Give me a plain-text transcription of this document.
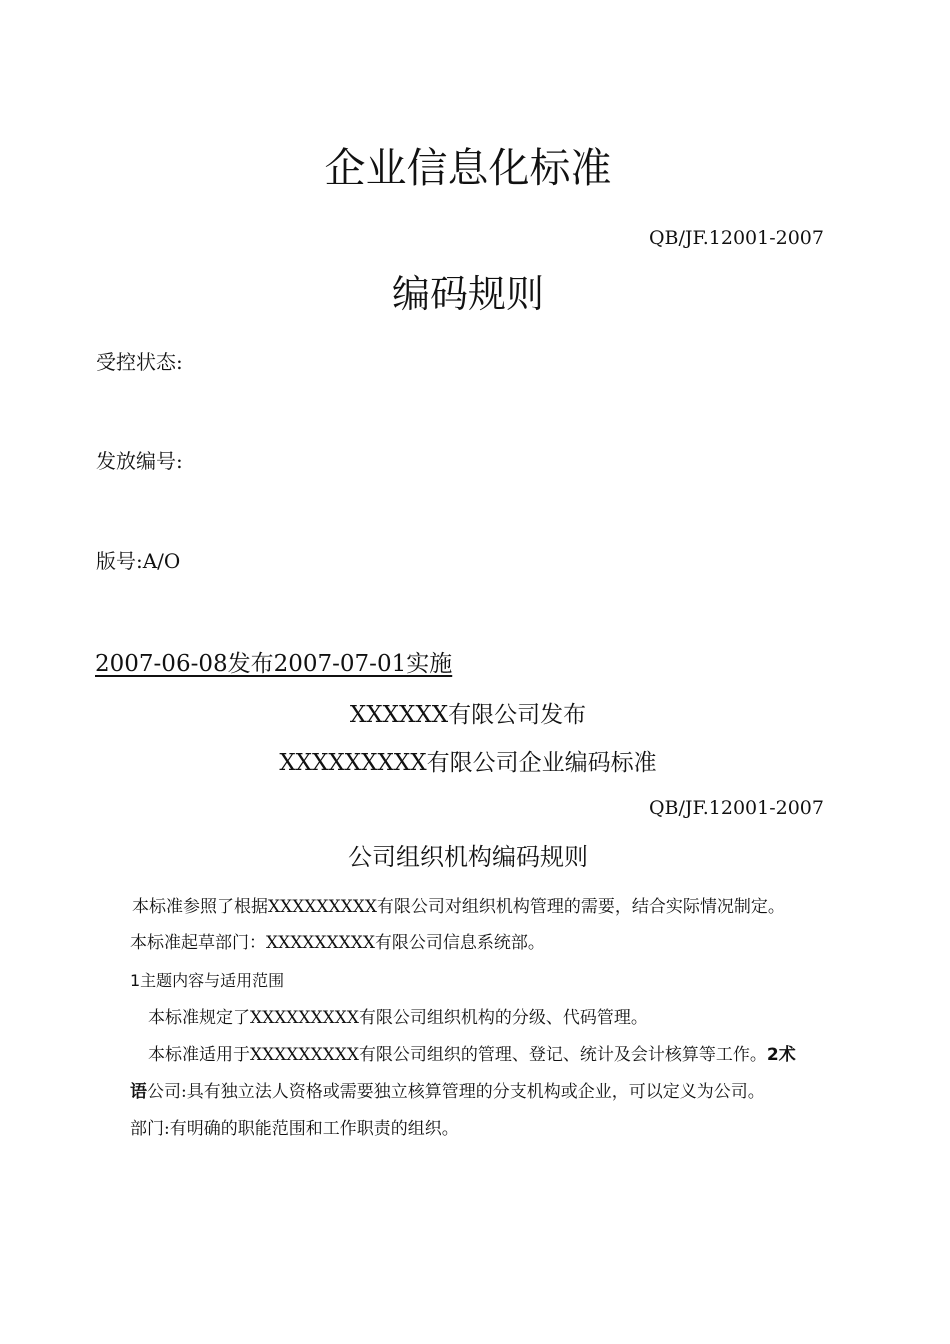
企业信息化标准
QB/JF.12001-2007
编码规则
受控状态:
发放编号:
版号:A/O
2007-06-08发布2007-07-01实施
XXXXXX有限公司发布
XXXXXXXXX有限公司企业编码标准
QB/JF.12001-2007
公司组织机构编码规则
本标准参照了根据XXXXXXXXX有限公司对组织机构管理的需要，结合实际情况制定。
本标准起草部门：XXXXXXXXX有限公司信息系统部。
1主题内容与适用范围
本标准规定了XXXXXXXXX有限公司组织机构的分级、代码管理。
本标准适用于XXXXXXXXX有限公司组织的管理、登记、统计及会计核算等工作。2术
语公司:具有独立法人资格或需要独立核算管理的分支机构或企业，可以定义为公司。
部门:有明确的职能范围和工作职责的组织。
